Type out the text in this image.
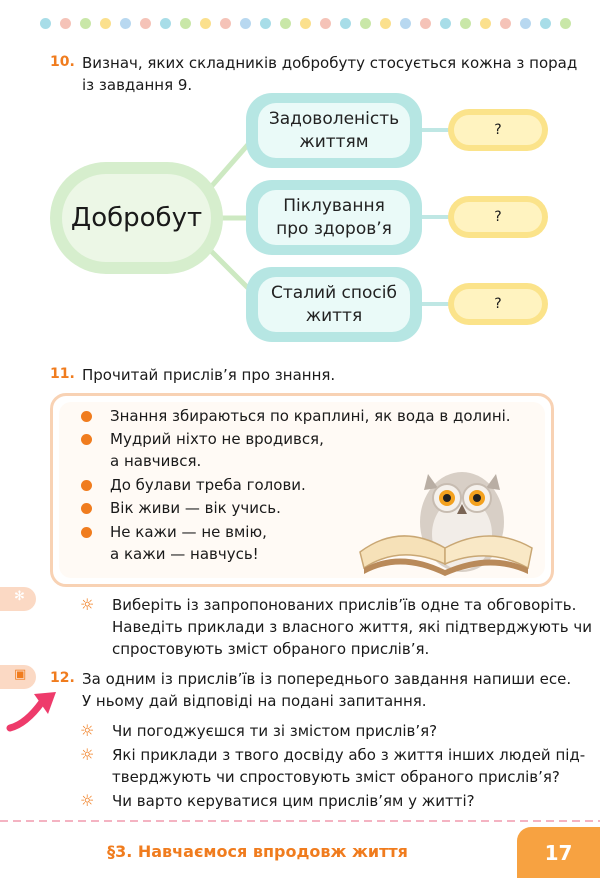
10. Визнач, яких складників добробуту стосується кожна з порад
із завдання 9.
Добробут
Задоволеність
життям
Піклування
про здоров’я
Сталий спосіб
життя
?
?
?
11. Прочитай прислів’я про знання.
Знання збираються по краплині, як вода в долині.
Мудрий ніхто не вродився,
а навчився.
До булави треба голови.
Вік живи — вік учись.
Не кажи — не вмію,
а кажи — навчусь!
✻	☼ Виберіть із запропонованих прислів’їв одне та обговоріть.
Наведіть приклади з власного життя, які підтверджують чи
спростовують зміст обраного прислів’я.
▣ 12. За одним із прислів’їв із попереднього завдання напиши есе.
У ньому дай відповіді на подані запитання.
☼ Чи погоджуєшся ти зі змістом прислів’я?
☼ Які приклади з твого досвіду або з життя інших людей під-
тверджують чи спростовують зміст обраного прислів’я?
☼ Чи варто керуватися цим прислів’ям у житті?
§3. Навчаємося впродовж життя	17
